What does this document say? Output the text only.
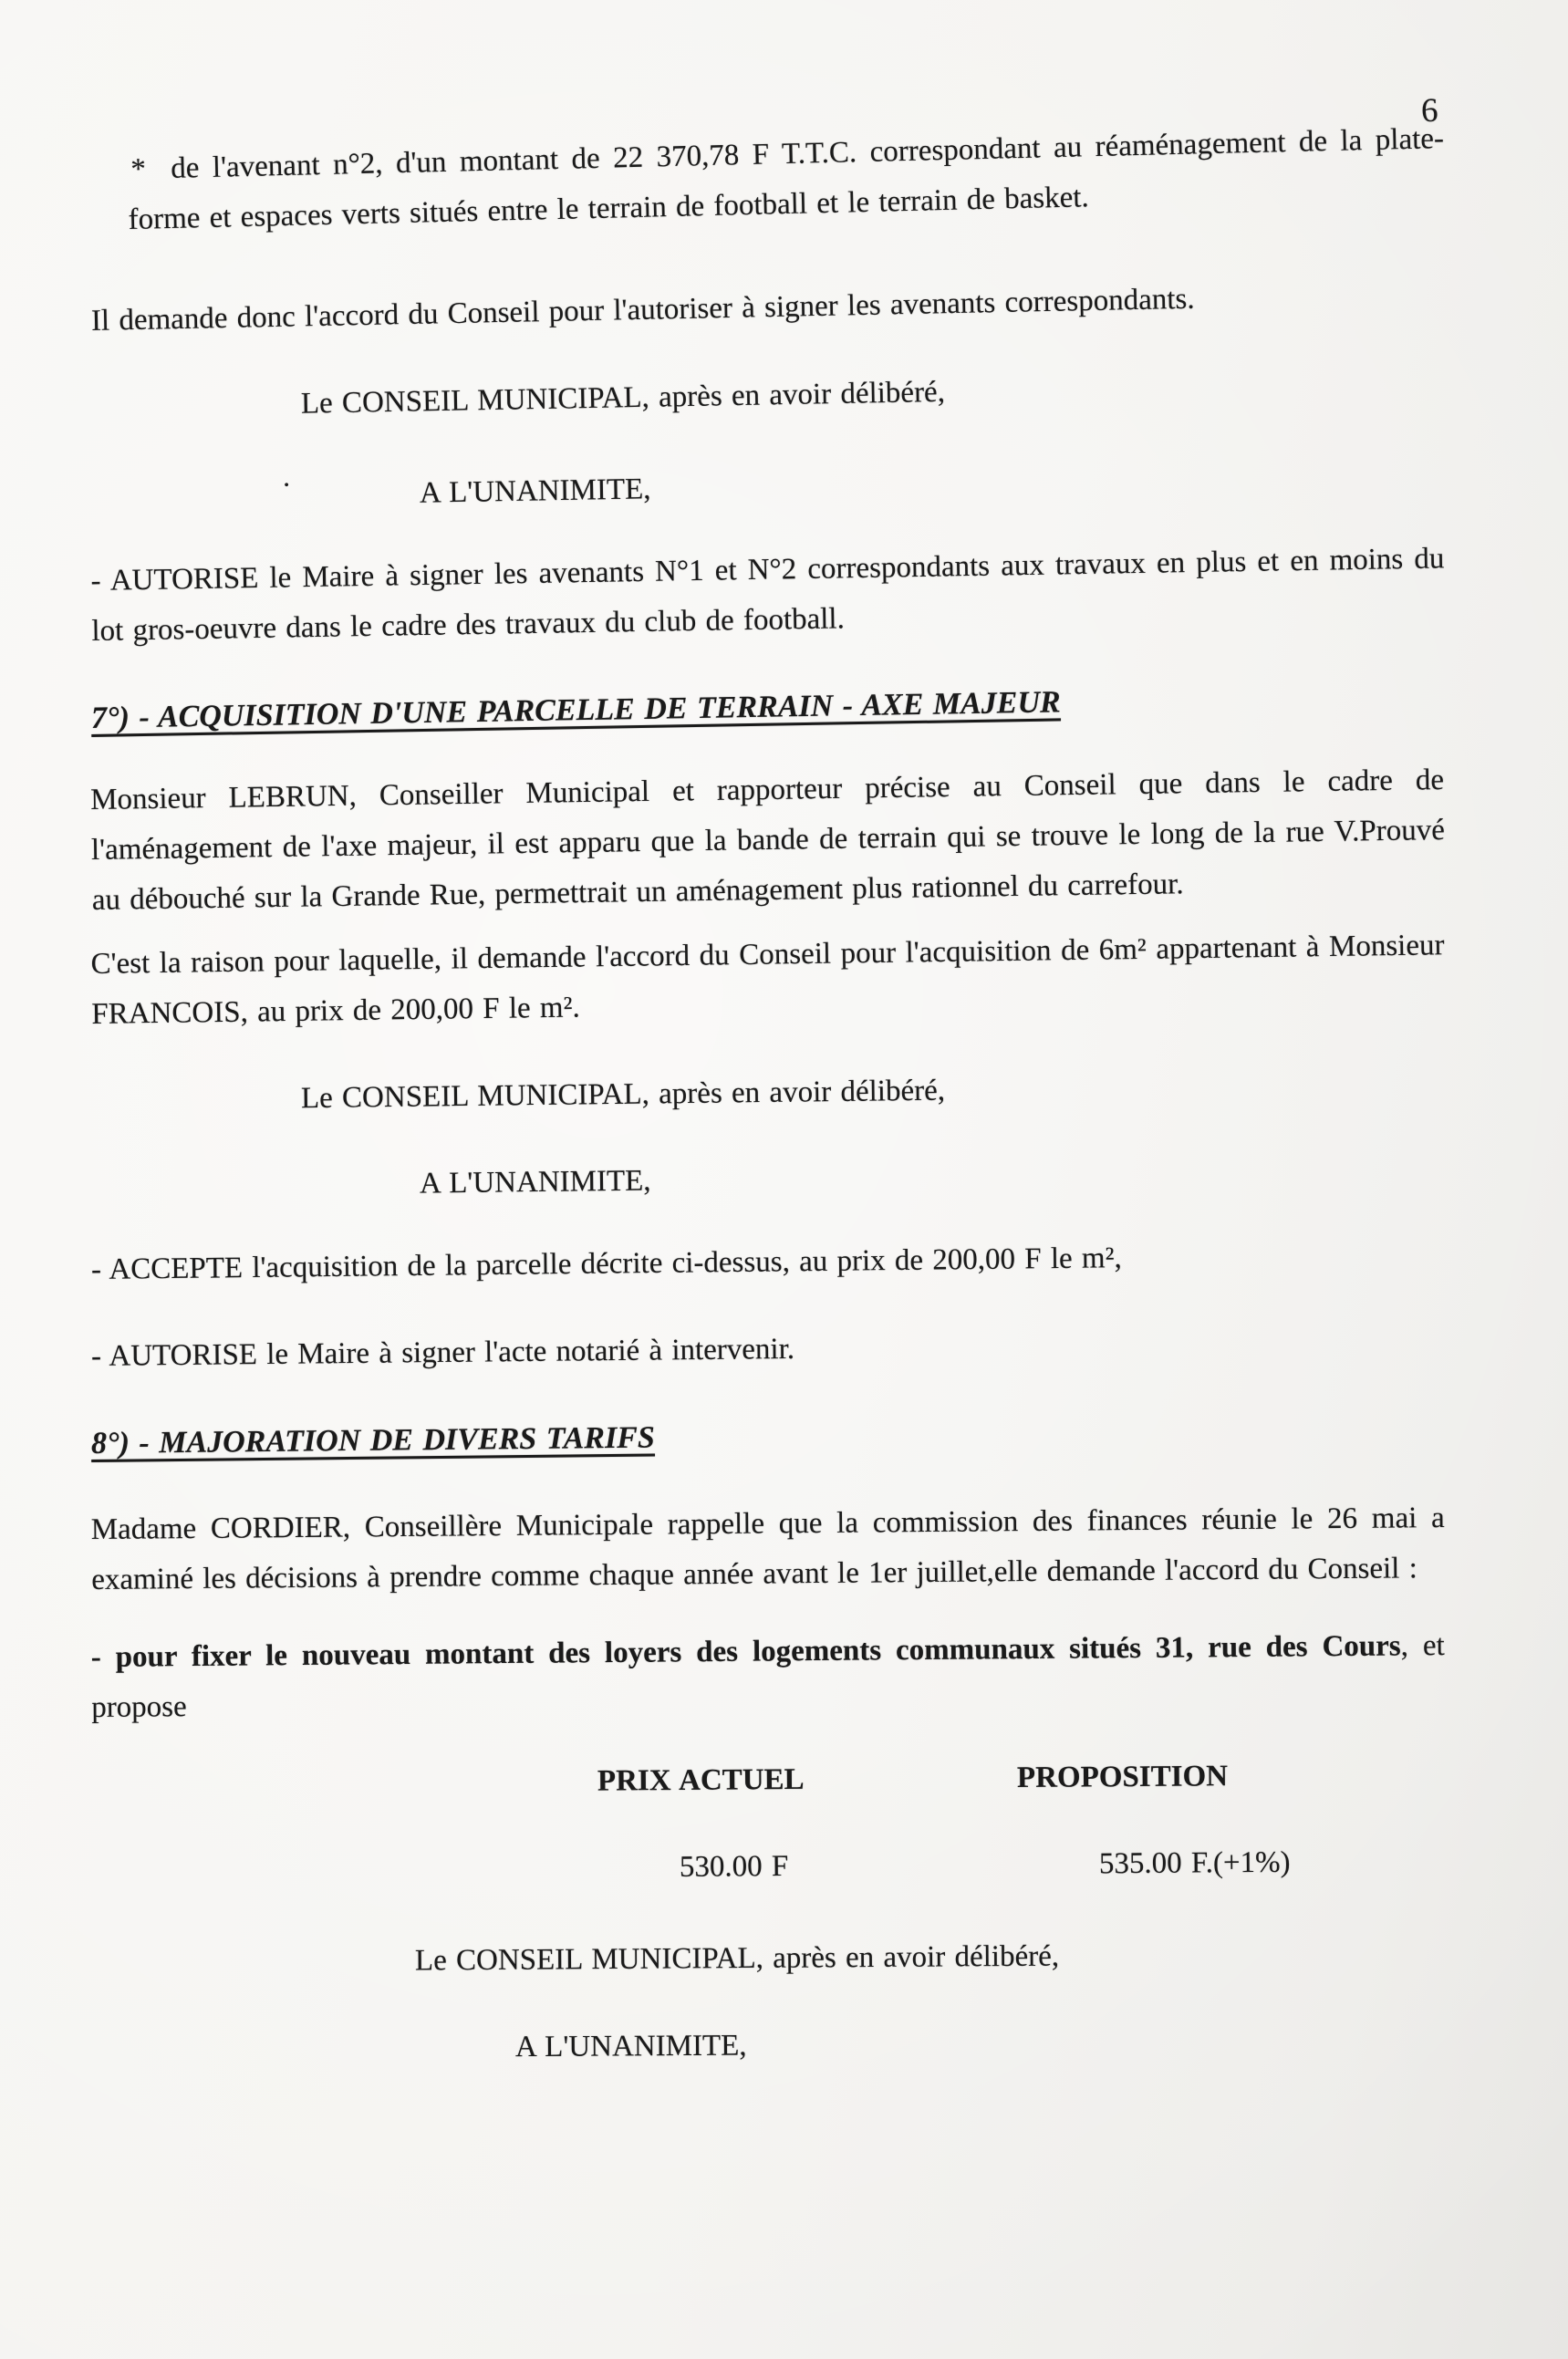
6

* de l'avenant n°2, d'un montant de 22 370,78 F T.T.C. correspondant au réaménagement de la plate-forme et espaces verts situés entre le terrain de football et le terrain de basket.

Il demande donc l'accord du Conseil pour l'autoriser à signer les avenants correspondants.

Le CONSEIL MUNICIPAL, après en avoir délibéré,

A L'UNANIMITE,

- AUTORISE le Maire à signer les avenants N°1 et N°2 correspondants aux travaux en plus et en moins du lot gros-oeuvre dans le cadre des travaux du club de football.

7°) - ACQUISITION D'UNE PARCELLE DE TERRAIN - AXE MAJEUR

Monsieur LEBRUN, Conseiller Municipal et rapporteur précise au Conseil que dans le cadre de l'aménagement de l'axe majeur, il est apparu que la bande de terrain qui se trouve le long de la rue V.Prouvé au débouché sur la Grande Rue, permettrait un aménagement plus rationnel du carrefour.

C'est la raison pour laquelle, il demande l'accord du Conseil pour l'acquisition de 6m² appartenant à Monsieur FRANCOIS, au prix de 200,00 F le m².

Le CONSEIL MUNICIPAL, après en avoir délibéré,

A L'UNANIMITE,

- ACCEPTE l'acquisition de la parcelle décrite ci-dessus, au prix de 200,00 F le m²,

- AUTORISE le Maire à signer l'acte notarié à intervenir.

8°) - MAJORATION DE DIVERS TARIFS

Madame CORDIER, Conseillère Municipale rappelle que la commission des finances réunie le 26 mai a examiné les décisions à prendre comme chaque année avant le 1er juillet,elle demande l'accord du Conseil :

- pour fixer le nouveau montant des loyers des logements communaux situés 31, rue des Cours, et propose

PRIX ACTUEL	PROPOSITION
530.00 F	535.00 F.(+1%)

Le CONSEIL MUNICIPAL, après en avoir délibéré,

A L'UNANIMITE,

.
